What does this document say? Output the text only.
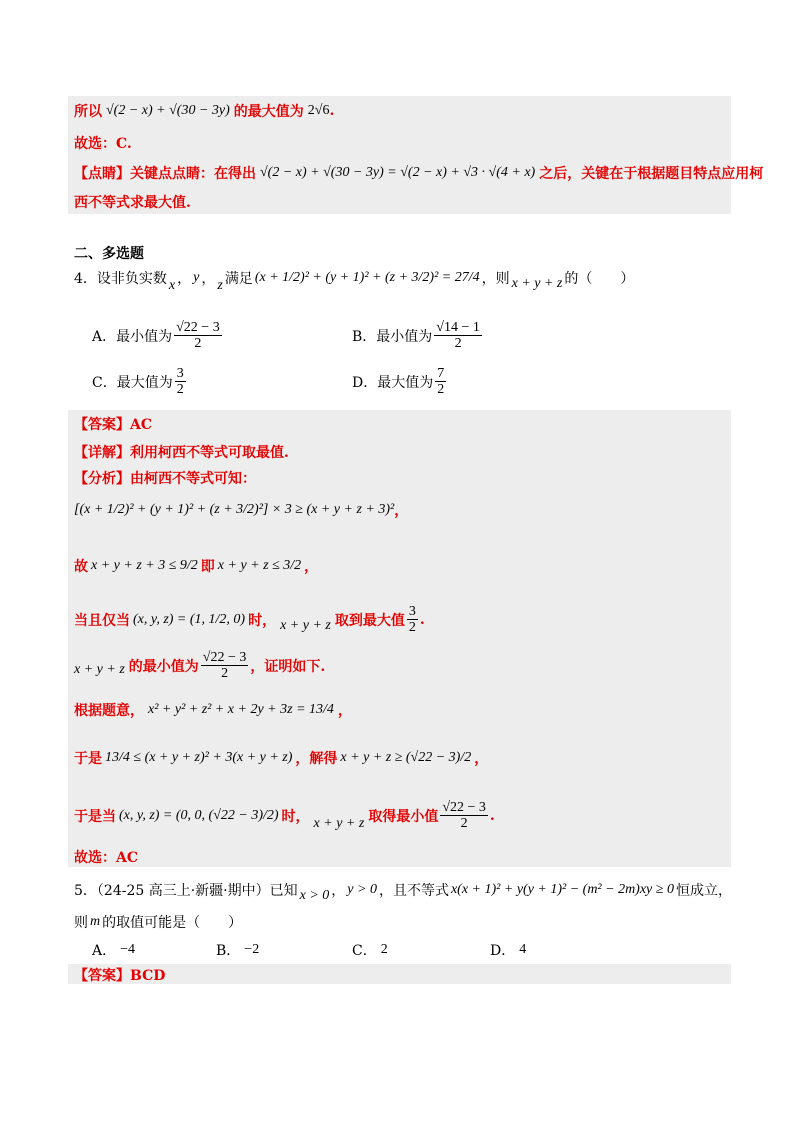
所以 √(2 − x) + √(30 − 3y) 的最大值为 2√6 .
故选：C.
【点睛】关键点点睛：在得出 √(2 − x) + √(30 − 3y) = √(2 − x) + √3 · √(4 + x) 之后，关键在于根据题目特点应用柯
西不等式求最大值.
二、多选题
4．设非负实数 x ， y ， z 满足 (x + 1/2)² + (y + 1)² + (z + 3/2)² = 27/4 ，则 x + y + z 的（　　）
A．最小值为 $\frac{√22 - 3}{2}$	B．最小值为 $\frac{√14 - 1}{2}$
C．最大值为 $\frac{3}{2}$	D．最大值为 $\frac{7}{2}$
【答案】AC
【详解】利用柯西不等式可取最值.
【分析】由柯西不等式可知：
[(x + 1/2)² + (y + 1)² + (z + 3/2)²] × 3 ≥ (x + y + z + 3)² ，
故 x + y + z + 3 ≤ 9/2 即 x + y + z ≤ 3/2 ，
当且仅当 (x, y, z) = (1, 1/2, 0) 时， x + y + z 取到最大值 $\frac{3}{2}$ .
x + y + z 的最小值为 $\frac{√22 - 3}{2}$ ，证明如下.
根据题意， x² + y² + z² + x + 2y + 3z = 13/4 ，
于是 13/4 ≤ (x + y + z)² + 3(x + y + z) ，解得 x + y + z ≥ (√22 − 3)/2 ，
于是当 (x, y, z) = (0, 0, (√22 − 3)/2) 时， x + y + z 取得最小值 $\frac{√22 - 3}{2}$ .
故选：AC
5．（24-25 高三上·新疆·期中）已知 x > 0 ， y > 0 ，且不等式 x(x + 1)² + y(y + 1)² − (m² − 2m)xy ≥ 0 恒成立，
则 m 的取值可能是（　　）
A． −4	B． −2	C． 2	D． 4
【答案】BCD
